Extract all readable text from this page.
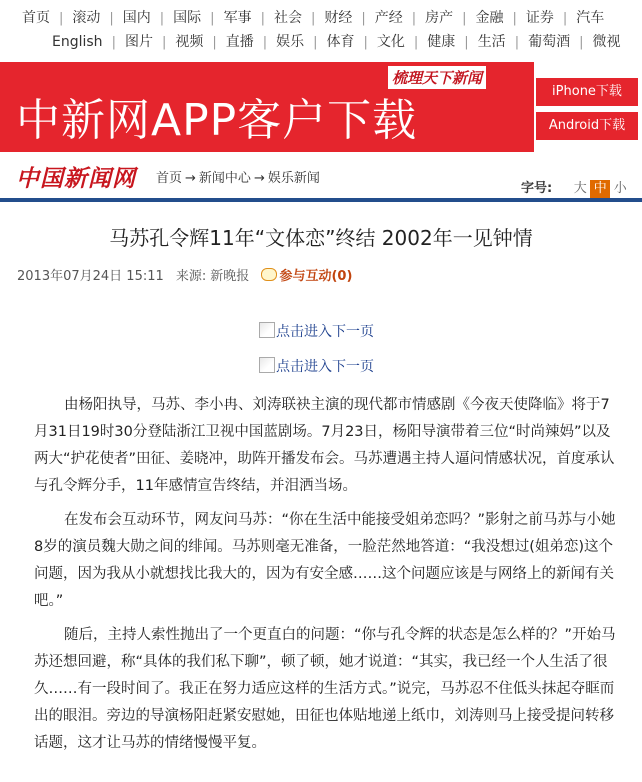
首页 | 滚动 | 国内 | 国际 | 军事 | 社会 | 财经 | 产经 | 房产 | 金融 | 证券 | 汽车
English | 图片 | 视频 | 直播 | 娱乐 | 体育 | 文化 | 健康 | 生活 | 葡萄酒 | 微视
中新网APP客户下载
梳理天下新闻
iPhone下载
Android下载
中国新闻网 首页 → 新闻中心 → 娱乐新闻
字号: 大 中 小
马苏孔令辉11年“文体恋”终结 2002年一见钟情
2013年07月24日 15:11 来源: 新晚报 参与互动(0)
点击进入下一页
点击进入下一页

由杨阳执导，马苏、李小冉、刘涛联袂主演的现代都市情感剧《今夜天使降临》将于7月31日19时30分登陆浙江卫视中国蓝剧场。7月23日，杨阳导演带着三位“时尚辣妈”以及两大“护花使者”田征、姜晓冲，助阵开播发布会。马苏遭遇主持人逼问情感状况，首度承认与孔令辉分手，11年感情宣告终结，并泪洒当场。

在发布会互动环节，网友问马苏：“你在生活中能接受姐弟恋吗？”影射之前马苏与小她8岁的演员魏大勋之间的绯闻。马苏则毫无准备，一脸茫然地答道：“我没想过(姐弟恋)这个问题，因为我从小就想找比我大的，因为有安全感……这个问题应该是与网络上的新闻有关吧。”

随后，主持人索性抛出了一个更直白的问题：“你与孔令辉的状态是怎么样的？”开始马苏还想回避，称“具体的我们私下聊”，顿了顿，她才说道：“其实，我已经一个人生活了很久……有一段时间了。我正在努力适应这样的生活方式。”说完，马苏忍不住低头抹起夺眶而出的眼泪。旁边的导演杨阳赶紧安慰她，田征也体贴地递上纸巾，刘涛则马上接受提问转移话题，这才让马苏的情绪慢慢平复。
